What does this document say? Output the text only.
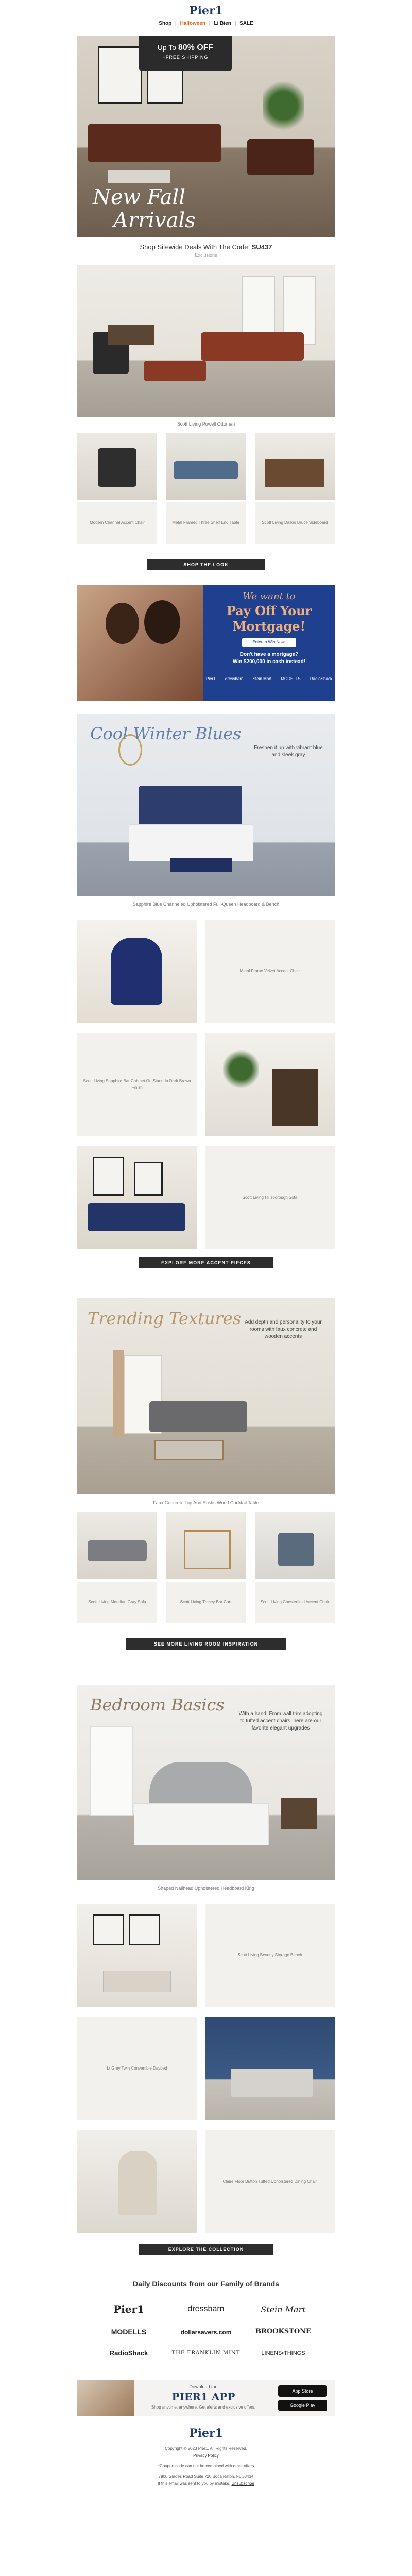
Pier1
Shop | Halloween | Li Bien | SALE
Up To 80% OFF
+FREE SHIPPING
New Fall
Arrivals
Shop Sitewide Deals With The Code: SU437
Exclusions
Scott Living Powell Ottoman
Modern Channel Accent Chair	Metal Framed Three Shelf End Table	Scott Living Dallon Bruce Sideboard
SHOP THE LOOK
We want to
Pay Off Your
Mortgage!
Enter to Win Now!
Don't have a mortgage?
Win $200,000 in cash instead!
Pier1 dressbarn Stein Mart MODELLS RadioShack
Cool Winter Blues
Freshen it up with vibrant blue and sleek gray
Sapphire Blue Channeled Upholstered Full-Queen Headboard & Bench
Metal Frame Velvet Accent Chair
Scott Living Sapphire Bar Cabinet On Stand In Dark Brown Finish
Scott Living Hillsborough Sofa
EXPLORE MORE ACCENT PIECES
Trending Textures Add depth and personality to your rooms with faux concrete and wooden accents
Faux Concrete Top And Rustic Wood Cocktail Table
Scott Living Meridian Gray Sofa	Scott Living Tracey Bar Cart	Scott Living Chesterfield Accent Chair
SEE MORE LIVING ROOM INSPIRATION
Bedroom Basics	With a hand! From wall trim adopting to tufted accent chairs, here are our favorite elegant upgrades
Shaped Nailhead Upholstered Headboard King
Scott Living Beverly Storage Bench
Lt Grey Twin Convertible Daybed
Claire Floor Button Tufted Upholstered Dining Chair
EXPLORE THE COLLECTION
Daily Discounts from our Family of Brands
Pier1	dressbarn	Stein Mart
MODELLS	dollarsavers.com	BROOKSTONE
RadioShack	THE FRANKLIN MINT	LINENS•THINGS
Download the
PIER1 APP
Shop anytime, anywhere. Get alerts and exclusive offers.
App Store
Google Play
Pier1
Copyright © 2023 Pier1. All Rights Reserved.
Privacy Policy
*Coupon code can not be combined with other offers
7900 Glades Road Suite 720 Boca Raton, FL 33434
If this email was sent to you by mistake, Unsubscribe
